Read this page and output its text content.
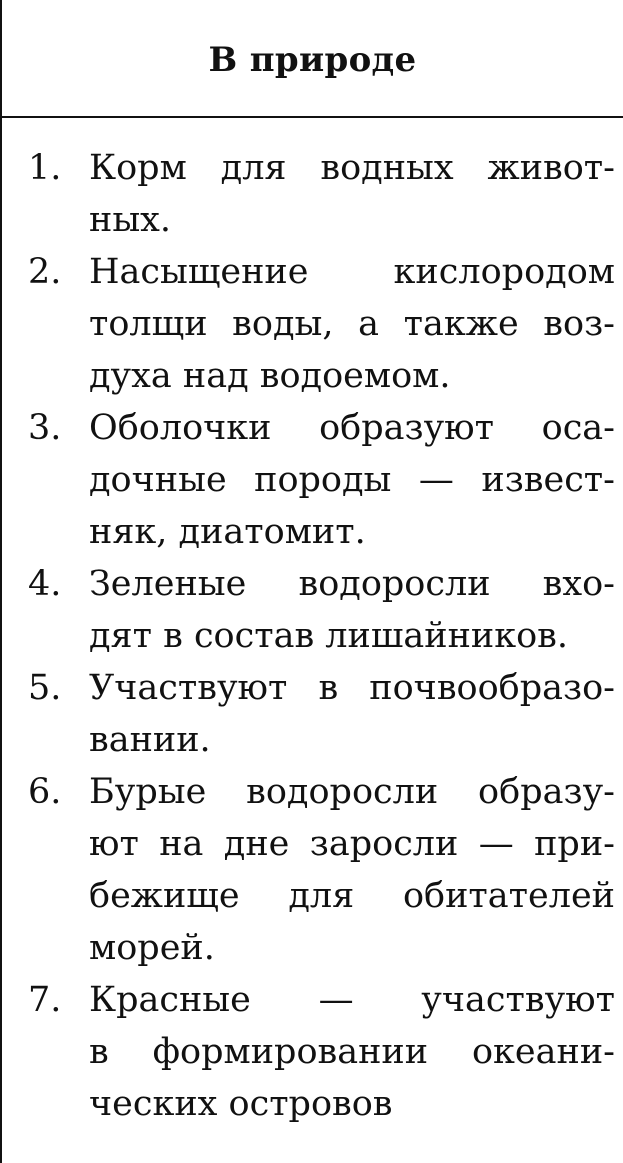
В природе
1. Корм для водных живот-
ных.
2. Насыщение кислородом
толщи воды, а также воз-
духа над водоемом.
3. Оболочки образуют оса-
дочные породы — извест-
няк, диатомит.
4. Зеленые водоросли вхо-
дят в состав лишайников.
5. Участвуют в почвообразо-
вании.
6. Бурые водоросли образу-
ют на дне заросли — при-
бежище для обитателей
морей.
7. Красные — участвуют
в формировании океани-
ческих островов
